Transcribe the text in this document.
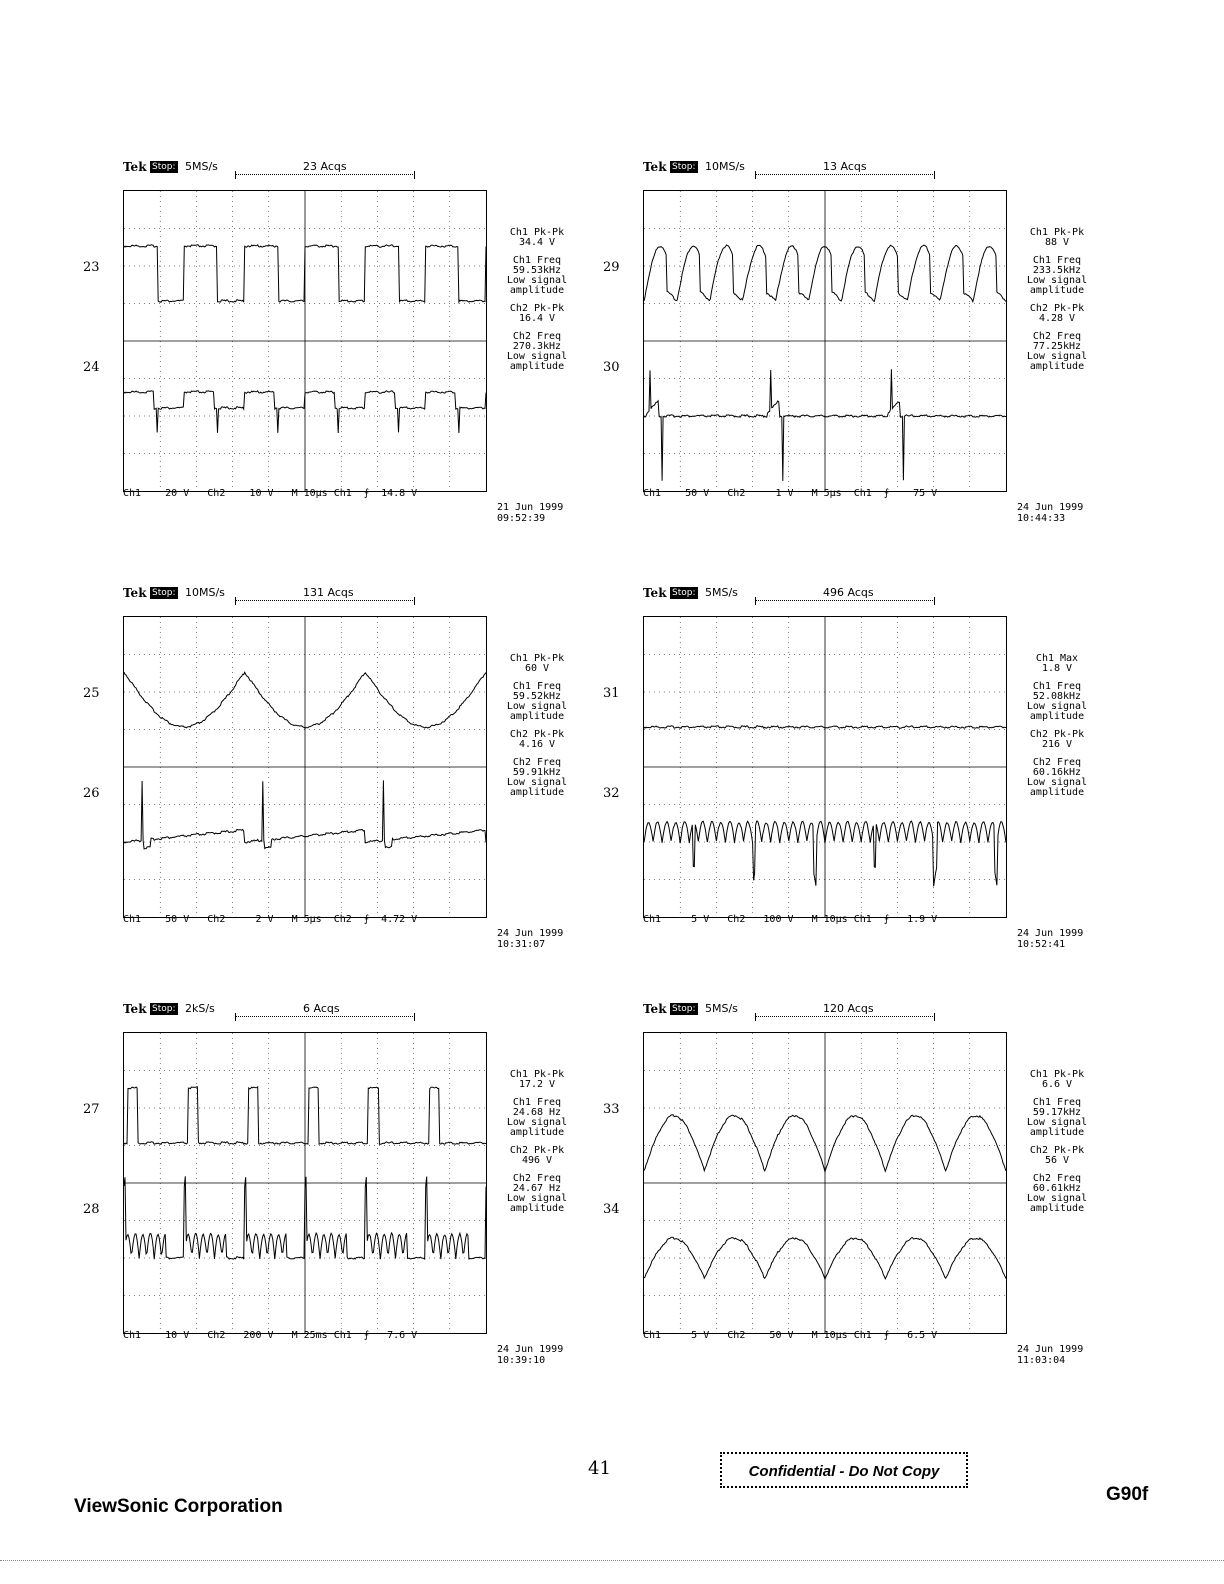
Tek Stop: 5MS/s	23 Acqs
Ch1    20 V   Ch2    10 V   M 10µs Ch1  ⨍  14.8 V
Ch1 Pk-Pk
34.4 V
Ch1 Freq
59.53kHz
Low signal
amplitude
Ch2 Pk-Pk
16.4 V
Ch2 Freq
270.3kHz
Low signal
amplitude
21 Jun 1999
09:52:39
23
24
Tek Stop: 10MS/s	13 Acqs
Ch1    50 V   Ch2     1 V   M 5µs  Ch1  ⨍    75 V
Ch1 Pk-Pk
88 V
Ch1 Freq
233.5kHz
Low signal
amplitude
Ch2 Pk-Pk
4.28 V
Ch2 Freq
77.25kHz
Low signal
amplitude
24 Jun 1999
10:44:33
29
30
Tek Stop: 10MS/s	131 Acqs
Ch1    50 V   Ch2     2 V   M 5µs  Ch2  ⨍  4.72 V
Ch1 Pk-Pk
60 V
Ch1 Freq
59.52kHz
Low signal
amplitude
Ch2 Pk-Pk
4.16 V
Ch2 Freq
59.91kHz
Low signal
amplitude
24 Jun 1999
10:31:07
25
26
Tek Stop: 5MS/s	496 Acqs
Ch1     5 V   Ch2   100 V   M 10µs Ch1  ⨍   1.9 V
Ch1 Max
1.8 V
Ch1 Freq
52.08kHz
Low signal
amplitude
Ch2 Pk-Pk
216 V
Ch2 Freq
60.16kHz
Low signal
amplitude
24 Jun 1999
10:52:41
31
32
Tek Stop: 2kS/s	6 Acqs
Ch1    10 V   Ch2   200 V   M 25ms Ch1  ⨍   7.6 V
Ch1 Pk-Pk
17.2 V
Ch1 Freq
24.68 Hz
Low signal
amplitude
Ch2 Pk-Pk
496 V
Ch2 Freq
24.67 Hz
Low signal
amplitude
24 Jun 1999
10:39:10
27
28
Tek Stop: 5MS/s	120 Acqs
Ch1     5 V   Ch2    50 V   M 10µs Ch1  ⨍   6.5 V
Ch1 Pk-Pk
6.6 V
Ch1 Freq
59.17kHz
Low signal
amplitude
Ch2 Pk-Pk
56 V
Ch2 Freq
60.61kHz
Low signal
amplitude
24 Jun 1999
11:03:04
33
34
41	Confidential - Do Not Copy
ViewSonic Corporation
G90f
